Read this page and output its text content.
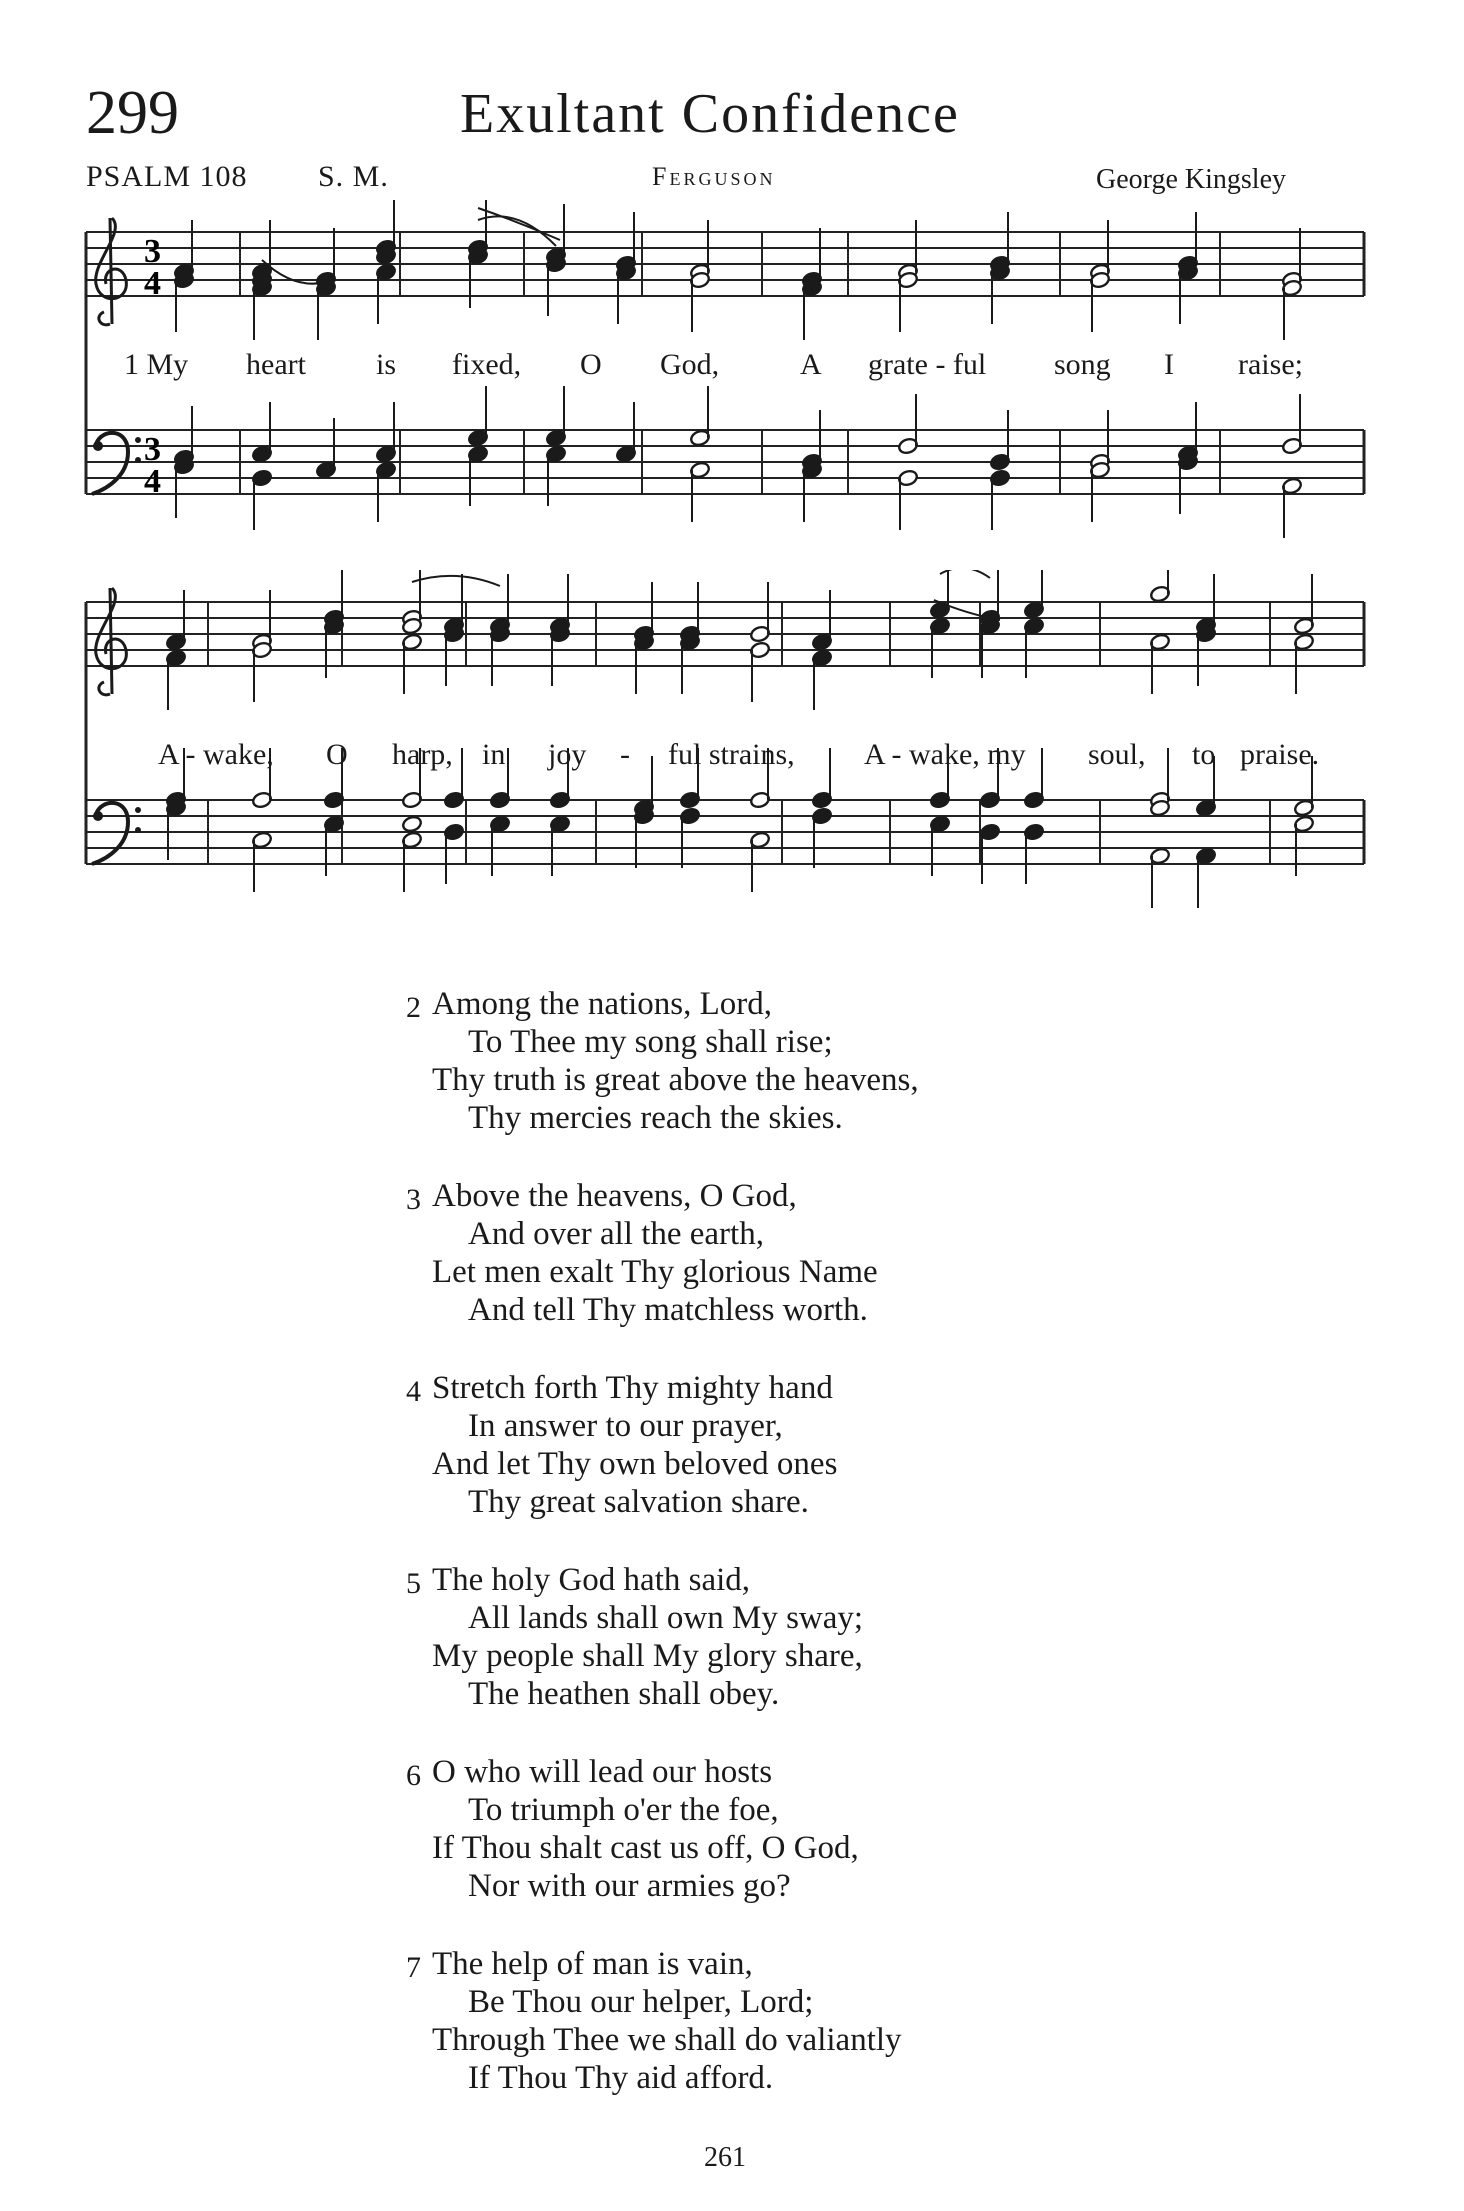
299	Exultant Confidence
PSALM 108 S. M.	Ferguson	George Kingsley
3
4
3
4
1 My heart is fixed, O God,	A grate - ful song I raise;
A - wake, O harp, in joy - ful strains, A - wake, my soul, to praise.
2 Among the nations, Lord,
To Thee my song shall rise;
Thy truth is great above the heavens,
Thy mercies reach the skies.
3 Above the heavens, O God,
And over all the earth,
Let men exalt Thy glorious Name
And tell Thy matchless worth.
4 Stretch forth Thy mighty hand
In answer to our prayer,
And let Thy own beloved ones
Thy great salvation share.
5 The holy God hath said,
All lands shall own My sway;
My people shall My glory share,
The heathen shall obey.
6 O who will lead our hosts
To triumph o'er the foe,
If Thou shalt cast us off, O God,
Nor with our armies go?
7 The help of man is vain,
Be Thou our helper, Lord;
Through Thee we shall do valiantly
If Thou Thy aid afford.
261
